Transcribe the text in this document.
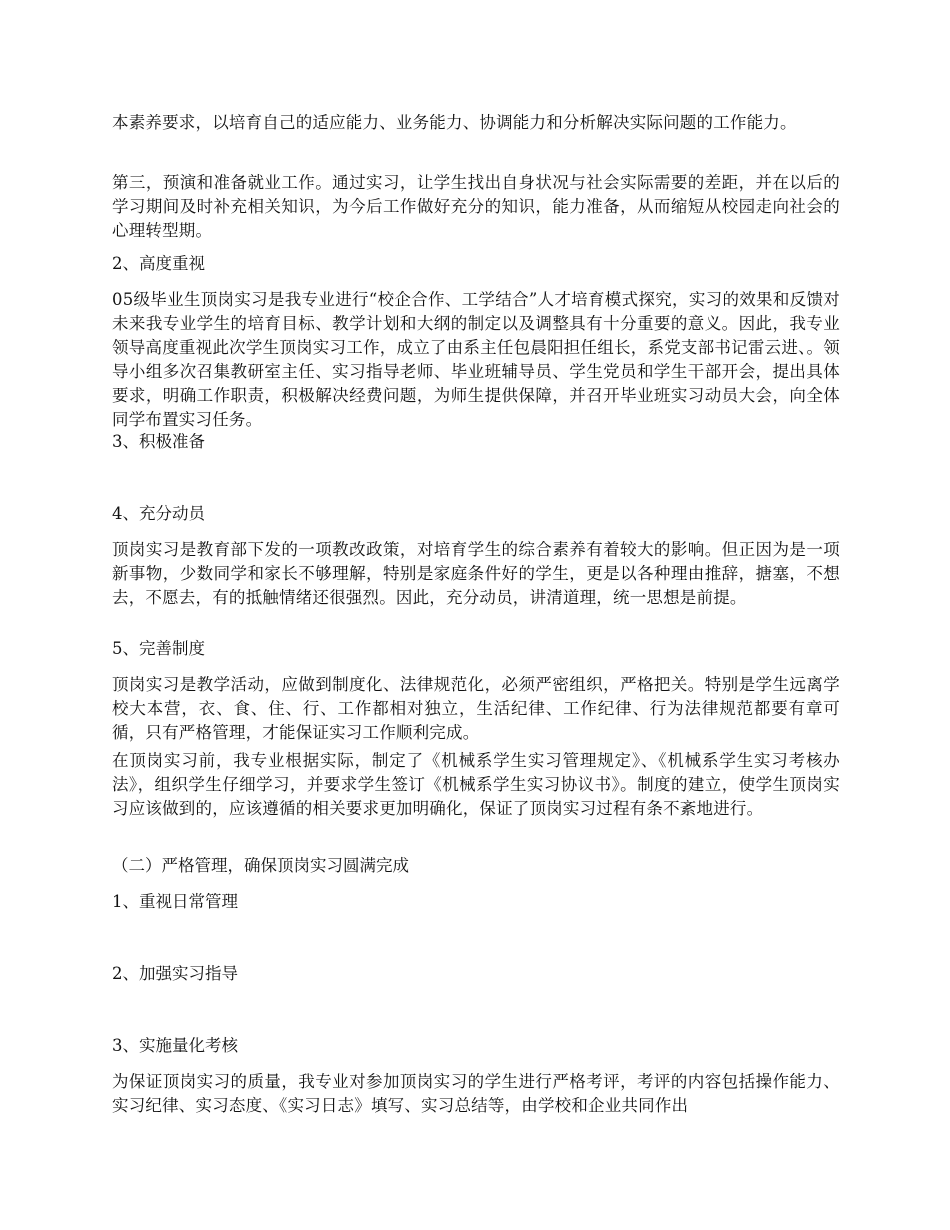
本素养要求，以培育自己的适应能力、业务能力、协调能力和分析解决实际问题的工作能力。

第三，预演和准备就业工作。通过实习，让学生找出自身状况与社会实际需要的差距，并在以后的学习期间及时补充相关知识，为今后工作做好充分的知识，能力准备，从而缩短从校园走向社会的心理转型期。

2、高度重视

05级毕业生顶岗实习是我专业进行“校企合作、工学结合”人才培育模式探究，实习的效果和反馈对未来我专业学生的培育目标、教学计划和大纲的制定以及调整具有十分重要的意义。因此，我专业领导高度重视此次学生顶岗实习工作，成立了由系主任包晨阳担任组长，系党支部书记雷云进、。领导小组多次召集教研室主任、实习指导老师、毕业班辅导员、学生党员和学生干部开会，提出具体要求，明确工作职责，积极解决经费问题，为师生提供保障，并召开毕业班实习动员大会，向全体同学布置实习任务。

3、积极准备

4、充分动员

顶岗实习是教育部下发的一项教改政策，对培育学生的综合素养有着较大的影响。但正因为是一项新事物，少数同学和家长不够理解，特别是家庭条件好的学生，更是以各种理由推辞，搪塞，不想去，不愿去，有的抵触情绪还很强烈。因此，充分动员，讲清道理，统一思想是前提。

5、完善制度

顶岗实习是教学活动，应做到制度化、法律规范化，必须严密组织，严格把关。特别是学生远离学校大本营，衣、食、住、行、工作都相对独立，生活纪律、工作纪律、行为法律规范都要有章可循，只有严格管理，才能保证实习工作顺利完成。

在顶岗实习前，我专业根据实际，制定了《机械系学生实习管理规定》、《机械系学生实习考核办法》，组织学生仔细学习，并要求学生签订《机械系学生实习协议书》。制度的建立，使学生顶岗实习应该做到的，应该遵循的相关要求更加明确化，保证了顶岗实习过程有条不紊地进行。

（二）严格管理，确保顶岗实习圆满完成

1、重视日常管理

2、加强实习指导

3、实施量化考核

为保证顶岗实习的质量，我专业对参加顶岗实习的学生进行严格考评，考评的内容包括操作能力、实习纪律、实习态度、《实习日志》填写、实习总结等，由学校和企业共同作出
